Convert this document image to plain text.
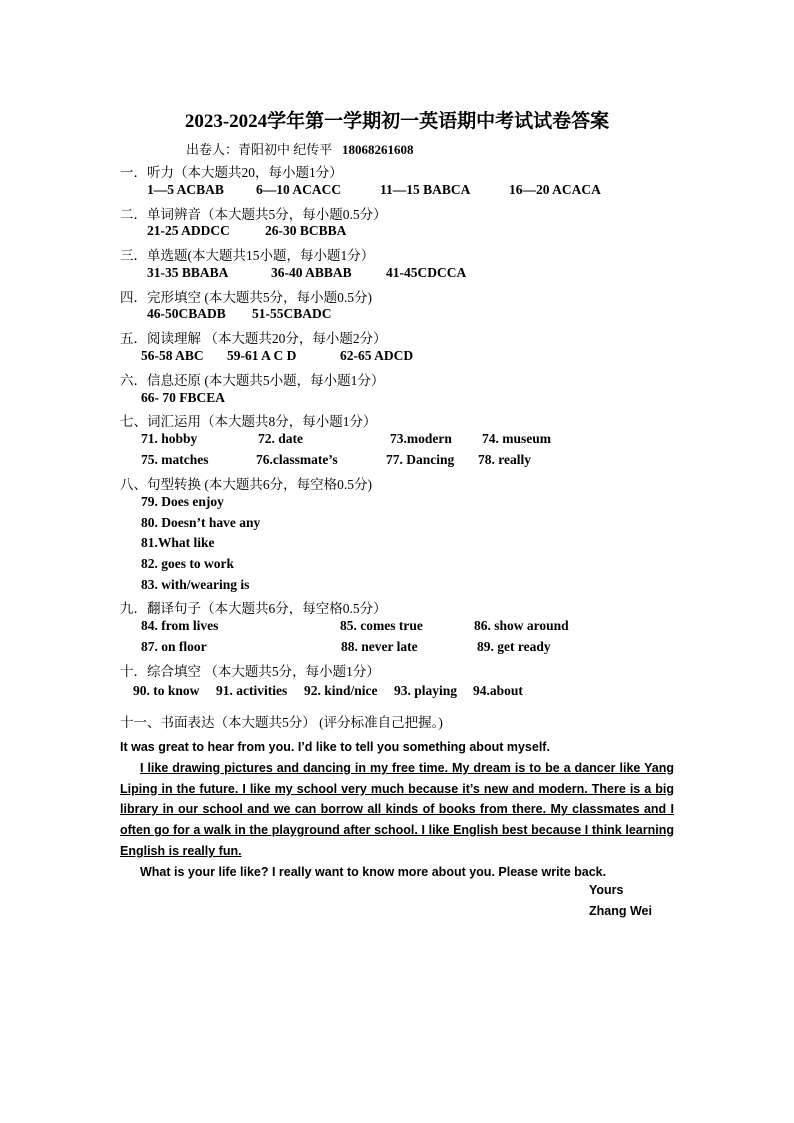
2023-2024学年第一学期初一英语期中考试试卷答案
出卷人：青阳初中 纪传平 18068261608
一．听力（本大题共20，每小题1分）
1—5 ACBAB 6—10 ACACC	11—15 BABCA	16—20 ACACA
二．单词辨音（本大题共5分，每小题0.5分）
21-25 ADDCC	26-30 BCBBA
三．单选题(本大题共15小题，每小题1分）
31-35 BBABA	36-40 ABBAB	41-45CDCCA
四．完形填空 (本大题共5分，每小题0.5分)
46-50CBADB 51-55CBADC
五．阅读理解 （本大题共20分，每小题2分）
56-58 ABC 59-61 A C D	62-65 ADCD
六．信息还原 (本大题共5小题，每小题1分）
66- 70 FBCEA
七、词汇运用（本大题共8分，每小题1分）
71. hobby	72. date	73.modern 74. museum
75. matches	76.classmate’s	77. Dancing 78. really
八、句型转换 (本大题共6分，每空格0.5分)
79. Does enjoy
80. Doesn’t have any
81.What like
82. goes to work
83. with/wearing is
九．翻译句子（本大题共6分，每空格0.5分）
84. from lives	85. comes true	86. show around
87. on floor	88. never late	89. get ready
十．综合填空 （本大题共5分，每小题1分）
90. to know 91. activities 92. kind/nice 93. playing 94.about
十一、书面表达（本大题共5分） (评分标准自己把握。)

It was great to hear from you. I’d like to tell you something about myself.

I like drawing pictures and dancing in my free time. My dream is to be a dancer like Yang Liping in the future. I like my school very much because it’s new and modern. There is a big library in our school and we can borrow all kinds of books from there. My classmates and I often go for a walk in the playground after school. I like English best because I think learning English is really fun.

What is your life like? I really want to know more about you. Please write back.

Yours
Zhang Wei
